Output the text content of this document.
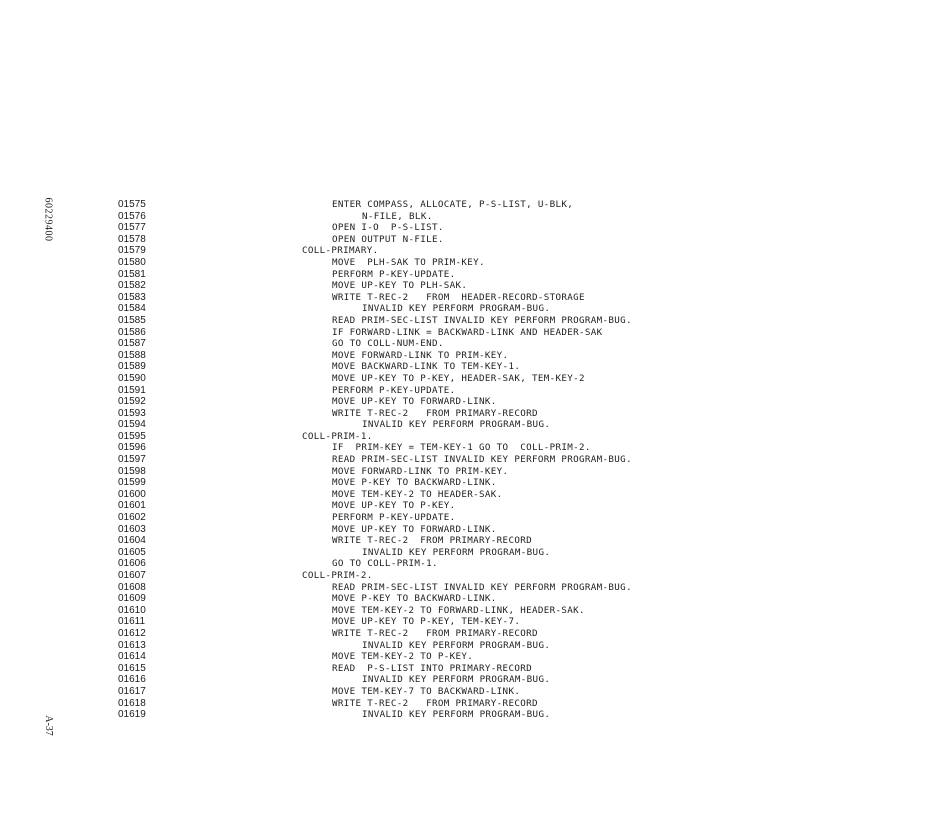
60229400
A-37
01575	ENTER COMPASS, ALLOCATE, P-S-LIST, U-BLK,
01576	N-FILE, BLK.
01577	OPEN I-O  P-S-LIST.
01578	OPEN OUTPUT N-FILE.
01579	COLL-PRIMARY.
01580	MOVE  PLH-SAK TO PRIM-KEY.
01581	PERFORM P-KEY-UPDATE.
01582	MOVE UP-KEY TO PLH-SAK.
01583	WRITE T-REC-2   FROM  HEADER-RECORD-STORAGE
01584	INVALID KEY PERFORM PROGRAM-BUG.
01585	READ PRIM-SEC-LIST INVALID KEY PERFORM PROGRAM-BUG.
01586	IF FORWARD-LINK = BACKWARD-LINK AND HEADER-SAK
01587	GO TO COLL-NUM-END.
01588	MOVE FORWARD-LINK TO PRIM-KEY.
01589	MOVE BACKWARD-LINK TO TEM-KEY-1.
01590	MOVE UP-KEY TO P-KEY, HEADER-SAK, TEM-KEY-2
01591	PERFORM P-KEY-UPDATE.
01592	MOVE UP-KEY TO FORWARD-LINK.
01593	WRITE T-REC-2   FROM PRIMARY-RECORD
01594	INVALID KEY PERFORM PROGRAM-BUG.
01595	COLL-PRIM-1.
01596	IF  PRIM-KEY = TEM-KEY-1 GO TO  COLL-PRIM-2.
01597	READ PRIM-SEC-LIST INVALID KEY PERFORM PROGRAM-BUG.
01598	MOVE FORWARD-LINK TO PRIM-KEY.
01599	MOVE P-KEY TO BACKWARD-LINK.
01600	MOVE TEM-KEY-2 TO HEADER-SAK.
01601	MOVE UP-KEY TO P-KEY.
01602	PERFORM P-KEY-UPDATE.
01603	MOVE UP-KEY TO FORWARD-LINK.
01604	WRITE T-REC-2  FROM PRIMARY-RECORD
01605	INVALID KEY PERFORM PROGRAM-BUG.
01606	GO TO COLL-PRIM-1.
01607	COLL-PRIM-2.
01608	READ PRIM-SEC-LIST INVALID KEY PERFORM PROGRAM-BUG.
01609	MOVE P-KEY TO BACKWARD-LINK.
01610	MOVE TEM-KEY-2 TO FORWARD-LINK, HEADER-SAK.
01611	MOVE UP-KEY TO P-KEY, TEM-KEY-7.
01612	WRITE T-REC-2   FROM PRIMARY-RECORD
01613	INVALID KEY PERFORM PROGRAM-BUG.
01614	MOVE TEM-KEY-2 TO P-KEY.
01615	READ  P-S-LIST INTO PRIMARY-RECORD
01616	INVALID KEY PERFORM PROGRAM-BUG.
01617	MOVE TEM-KEY-7 TO BACKWARD-LINK.
01618	WRITE T-REC-2   FROM PRIMARY-RECORD
01619	INVALID KEY PERFORM PROGRAM-BUG.
